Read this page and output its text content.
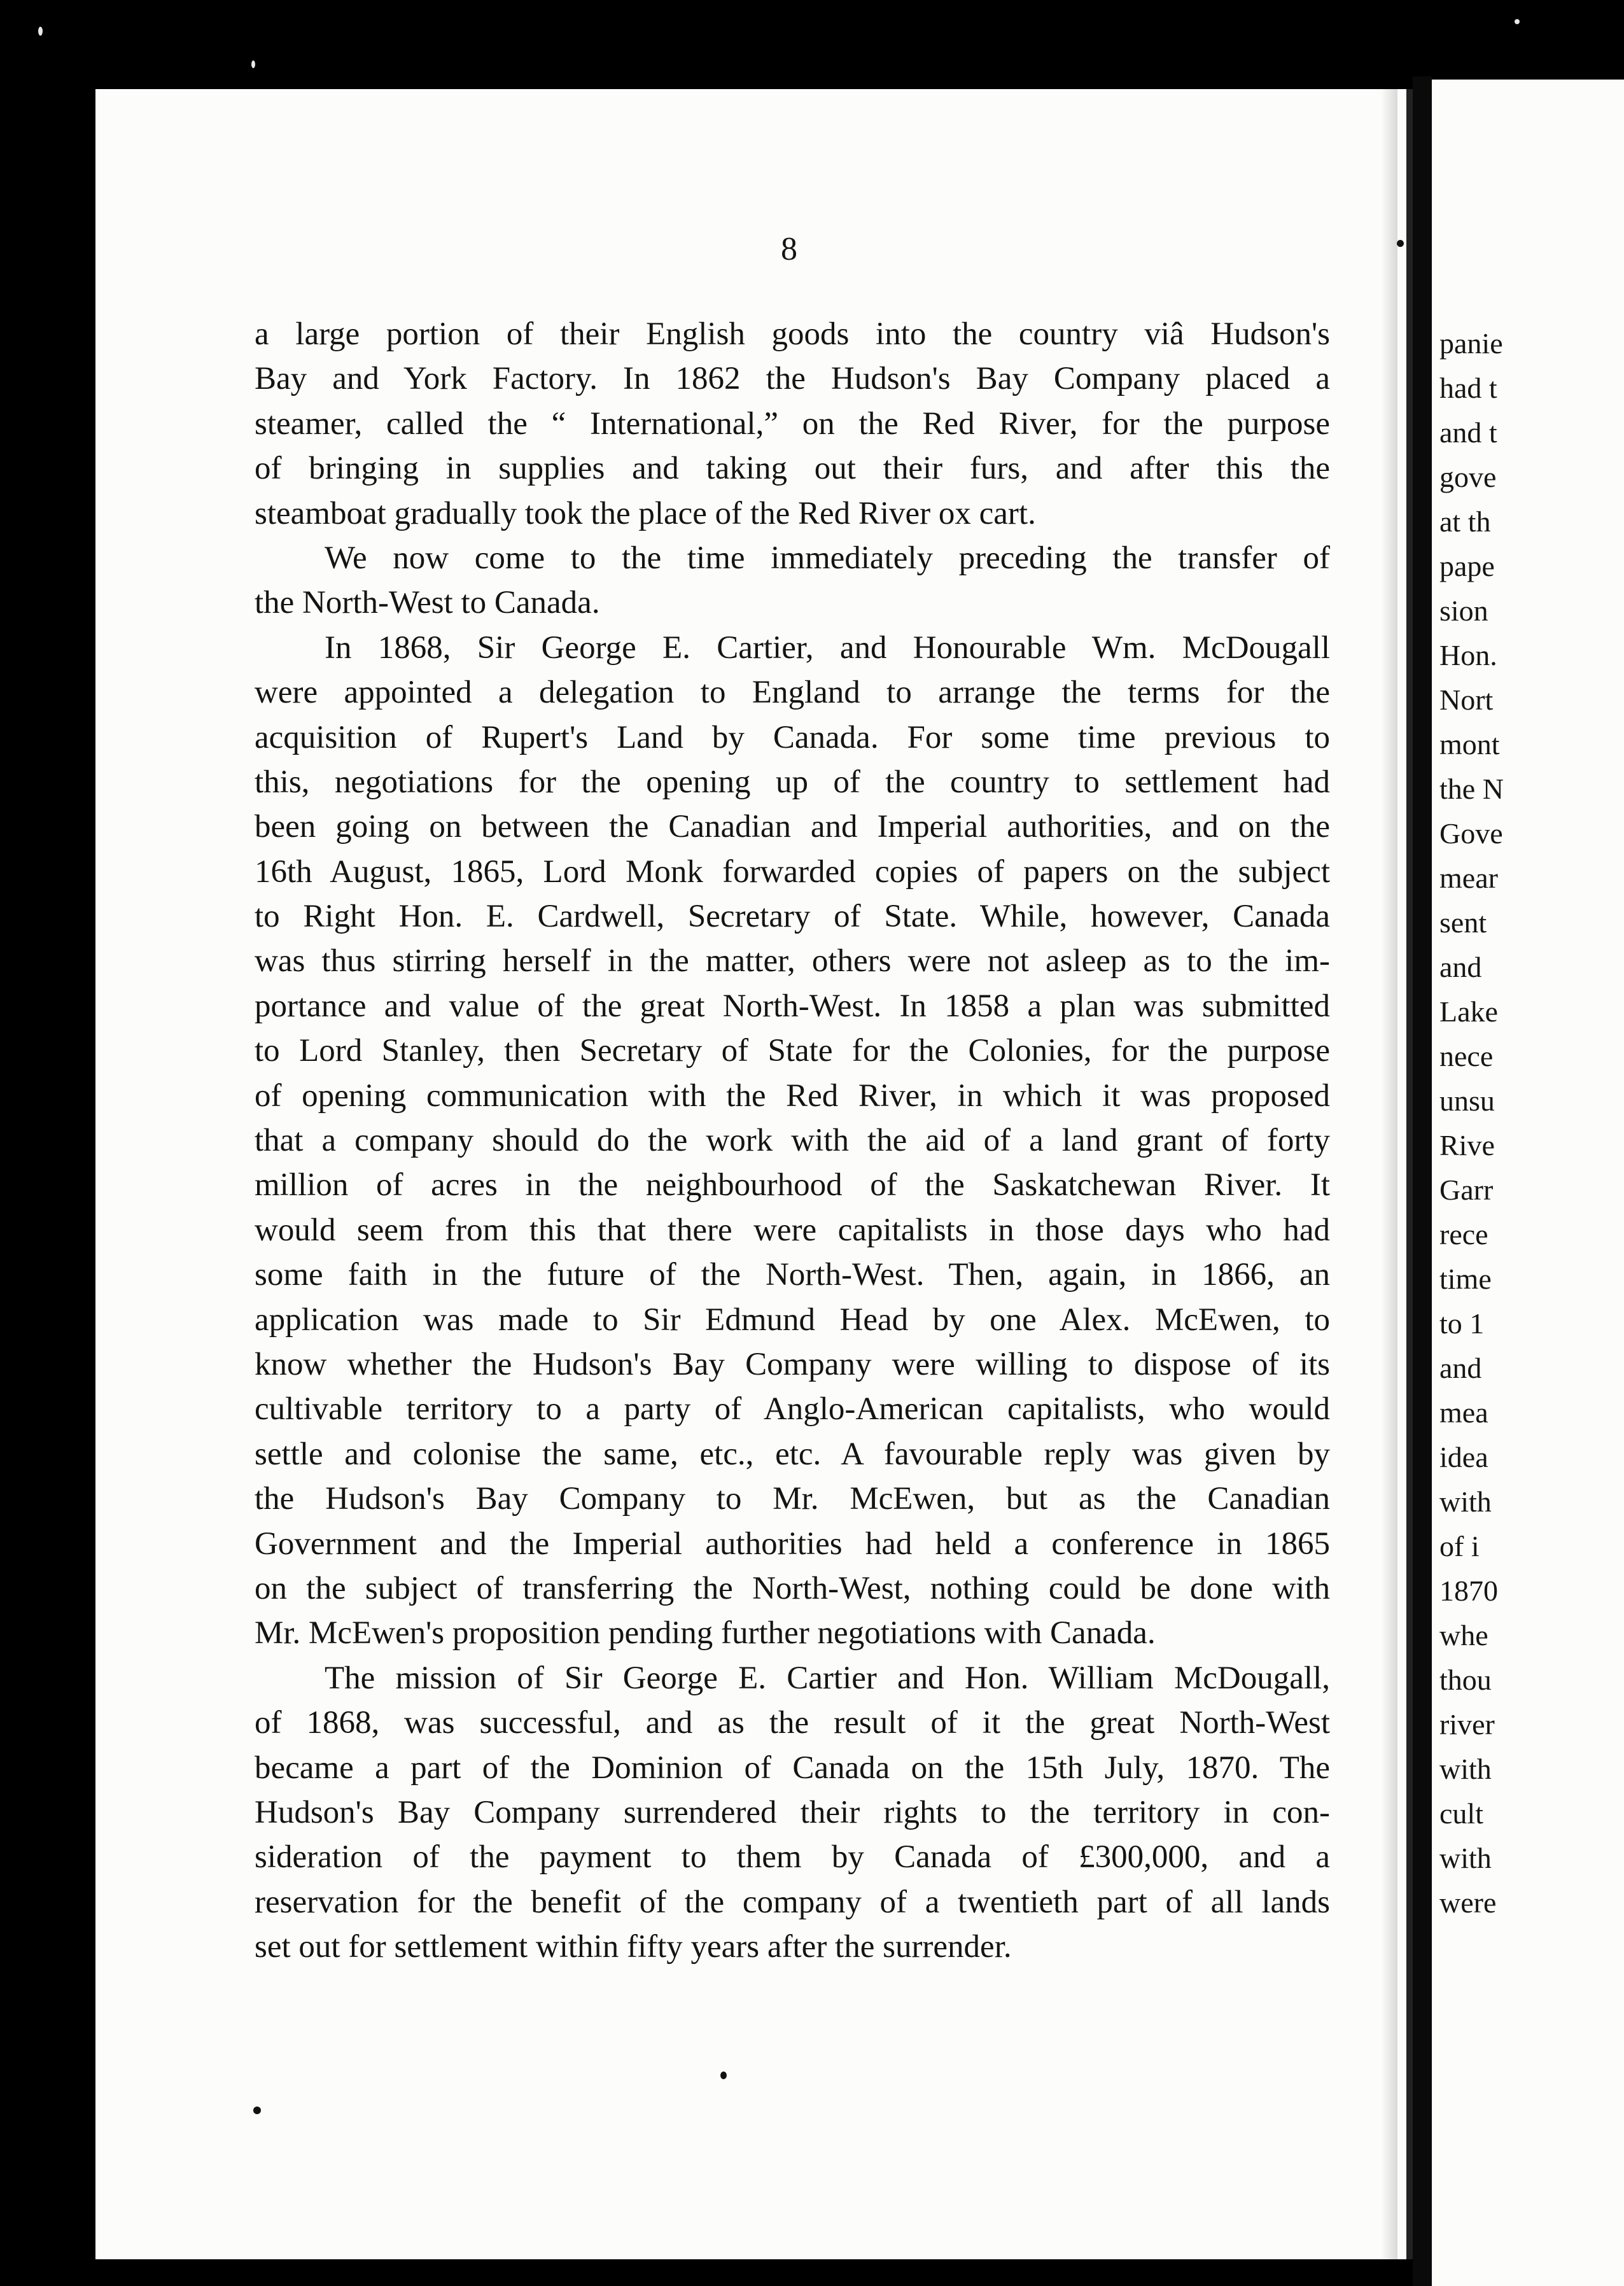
8
a large portion of their English goods into the country viâ Hudson's
Bay and York Factory. In 1862 the Hudson's Bay Company placed a
steamer, called the “ International,” on the Red River, for the purpose
of bringing in supplies and taking out their furs, and after this the
steamboat gradually took the place of the Red River ox cart.
We now come to the time immediately preceding the transfer of
the North-West to Canada.
In 1868, Sir George E. Cartier, and Honourable Wm. McDougall
were appointed a delegation to England to arrange the terms for the
acquisition of Rupert's Land by Canada. For some time previous to
this, negotiations for the opening up of the country to settlement had
been going on between the Canadian and Imperial authorities, and on the
16th August, 1865, Lord Monk forwarded copies of papers on the subject
to Right Hon. E. Cardwell, Secretary of State. While, however, Canada
was thus stirring herself in the matter, others were not asleep as to the im-
portance and value of the great North-West. In 1858 a plan was submitted
to Lord Stanley, then Secretary of State for the Colonies, for the purpose
of opening communication with the Red River, in which it was proposed
that a company should do the work with the aid of a land grant of forty
million of acres in the neighbourhood of the Saskatchewan River. It
would seem from this that there were capitalists in those days who had
some faith in the future of the North-West. Then, again, in 1866, an
application was made to Sir Edmund Head by one Alex. McEwen, to
know whether the Hudson's Bay Company were willing to dispose of its
cultivable territory to a party of Anglo-American capitalists, who would
settle and colonise the same, etc., etc. A favourable reply was given by
the Hudson's Bay Company to Mr. McEwen, but as the Canadian
Government and the Imperial authorities had held a conference in 1865
on the subject of transferring the North-West, nothing could be done with
Mr. McEwen's proposition pending further negotiations with Canada.
The mission of Sir George E. Cartier and Hon. William McDougall,
of 1868, was successful, and as the result of it the great North-West
became a part of the Dominion of Canada on the 15th July, 1870. The
Hudson's Bay Company surrendered their rights to the territory in con-
sideration of the payment to them by Canada of £300,000, and a
reservation for the benefit of the company of a twentieth part of all lands
set out for settlement within fifty years after the surrender.
panie
had t
and t
gove
at th
pape
sion
Hon.
Nort
mont
the N
Gove
mear
sent
and
Lake
nece
unsu
Rive
Garr
rece
time
to 1
and
mea
idea
with
of i
1870
whe
thou
river
with
cult
with
were
